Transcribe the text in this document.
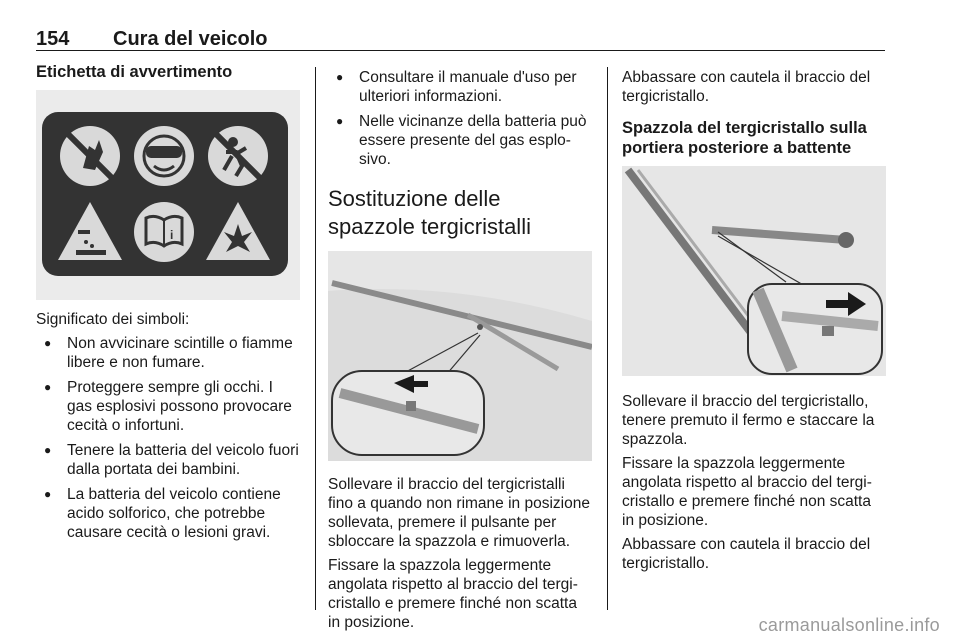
154 Cura del veicolo
Etichetta di avvertimento
i

Significato dei simboli:

● Non avvicinare scintille o fiamme libere e non fumare.
● Proteggere sempre gli occhi. I gas esplosivi possono provocare cecità o infortuni.
● Tenere la batteria del veicolo fuori dalla portata dei bambini.
● La batteria del veicolo contiene acido solforico, che potrebbe causare cecità o lesioni gravi.
● Consultare il manuale d'uso per ulteriori informazioni.
● Nelle vicinanze della batteria può essere presente del gas esplo-sivo.
Sostituzione delle spazzole tergicristalli

Sollevare il braccio del tergicristalli fino a quando non rimane in posizione sollevata, premere il pulsante per sbloccare la spazzola e rimuoverla.

Fissare la spazzola leggermente angolata rispetto al braccio del tergi-cristallo e premere finché non scatta in posizione.

Abbassare con cautela il braccio del tergicristallo.

Spazzola del tergicristallo sulla portiera posteriore a battente

Sollevare il braccio del tergicristallo, tenere premuto il fermo e staccare la spazzola.

Fissare la spazzola leggermente angolata rispetto al braccio del tergi-cristallo e premere finché non scatta in posizione.

Abbassare con cautela il braccio del tergicristallo.

carmanualsonline.info
